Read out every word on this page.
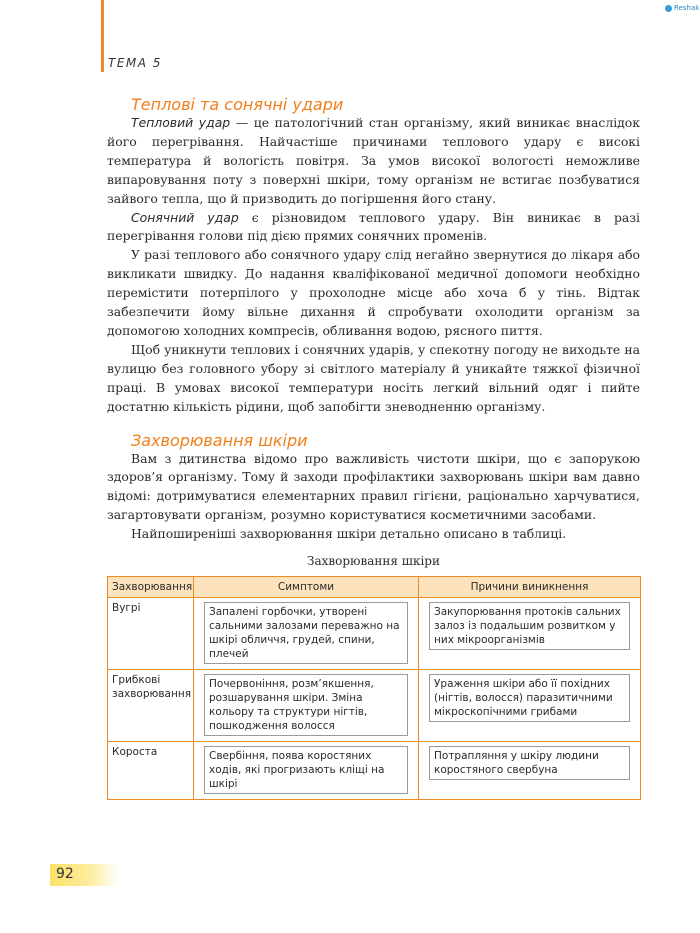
ТЕМА 5
Reshak
Теплові та сонячні удари

Тепловий удар — це патологічний стан організму, який виникає внаслідок його перегрівання. Найчастіше причинами теплового удару є високі температура й вологість повітря. За умов високої вологості неможливе випаровування поту з поверхні шкіри, тому організм не встигає позбуватися зайвого тепла, що й призводить до погіршення його стану.

Сонячний удар є різновидом теплового удару. Він виникає в разі перегрівання голови під дією прямих сонячних променів.

У разі теплового або сонячного удару слід негайно звернутися до лікаря або викликати швидку. До надання кваліфікованої медичної допомоги необхідно перемістити потерпілого у прохолодне місце або хоча б у тінь. Відтак забезпечити йому вільне дихання й спробувати охолодити організм за допомогою холодних компресів, обливання водою, рясного пиття.

Щоб уникнути теплових і сонячних ударів, у спекотну погоду не виходьте на вулицю без головного убору зі світлого матеріалу й уникайте тяжкої фізичної праці. В умовах високої температури носіть легкий вільний одяг і пийте достатню кількість рідини, щоб запобігти зневодненню організму.

Захворювання шкіри

Вам з дитинства відомо про важливість чистоти шкіри, що є запорукою здоров’я організму. Тому й заходи профілактики захворювань шкіри вам давно відомі: дотримуватися елементарних правил гігієни, раціонально харчуватися, загартовувати організм, розумно користуватися косметичними засобами.

Найпоширеніші захворювання шкіри детально описано в таблиці.

Захворювання шкіри
Захворювання	Симптоми	Причини виникнення
Вугрі	Запалені горбочки, утворені сальними залозами переважно на шкірі обличчя, грудей, спини, плечей	Закупорювання протоків сальних залоз із подальшим розвитком у них мікроорганізмів

Грибкові захворювання	Почервоніння, розм’якшення, розшарування шкіри. Зміна кольору та структури нігтів, пошкодження волосся	Ураження шкіри або її похідних (нігтів, волосся) паразитичними мікроскопічними грибами

Короста	Свербіння, поява коростяних ходів, які прогризають кліщі на шкірі	Потрапляння у шкіру людини коростяного свербуна
92
